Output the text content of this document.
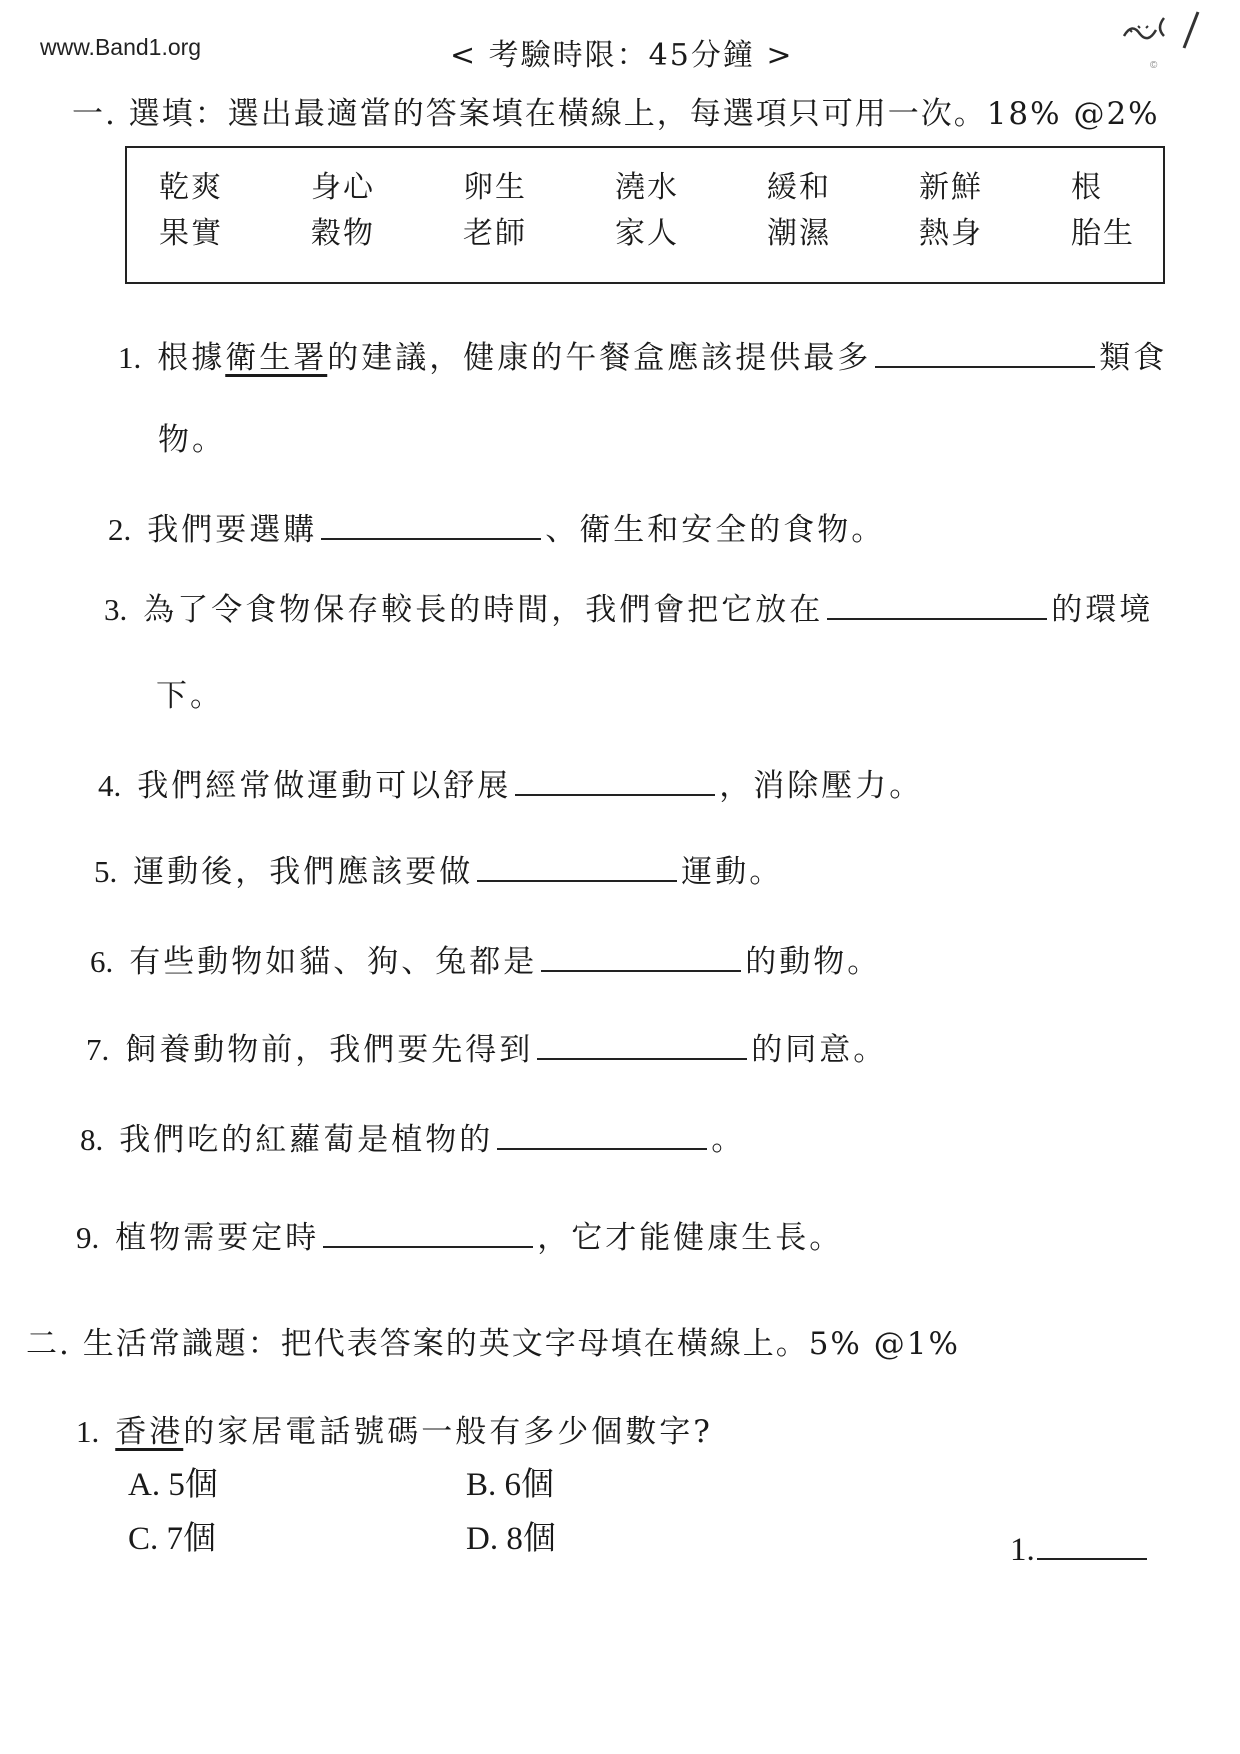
www.Band1.org	< 考驗時限：45分鐘 >	©
一. 選填：選出最適當的答案填在橫線上，每選項只可用一次。18% @2%
乾爽	身心	卵生	澆水	緩和	新鮮	根
果實	穀物	老師	家人	潮濕	熱身	胎生
1. 根據衛生署的建議，健康的午餐盒應該提供最多	類食
物。
2. 我們要選購	、衛生和安全的食物。
3. 為了令食物保存較長的時間，我們會把它放在	的環境
下。
4. 我們經常做運動可以舒展	，消除壓力。
5. 運動後，我們應該要做	運動。
6. 有些動物如貓、狗、兔都是	的動物。
7. 飼養動物前，我們要先得到	的同意。
8. 我們吃的紅蘿蔔是植物的	。
9. 植物需要定時	，它才能健康生長。
二. 生活常識題：把代表答案的英文字母填在橫線上。5% @1%
1. 香港的家居電話號碼一般有多少個數字?
A. 5個	B. 6個
C. 7個	D. 8個	1.
